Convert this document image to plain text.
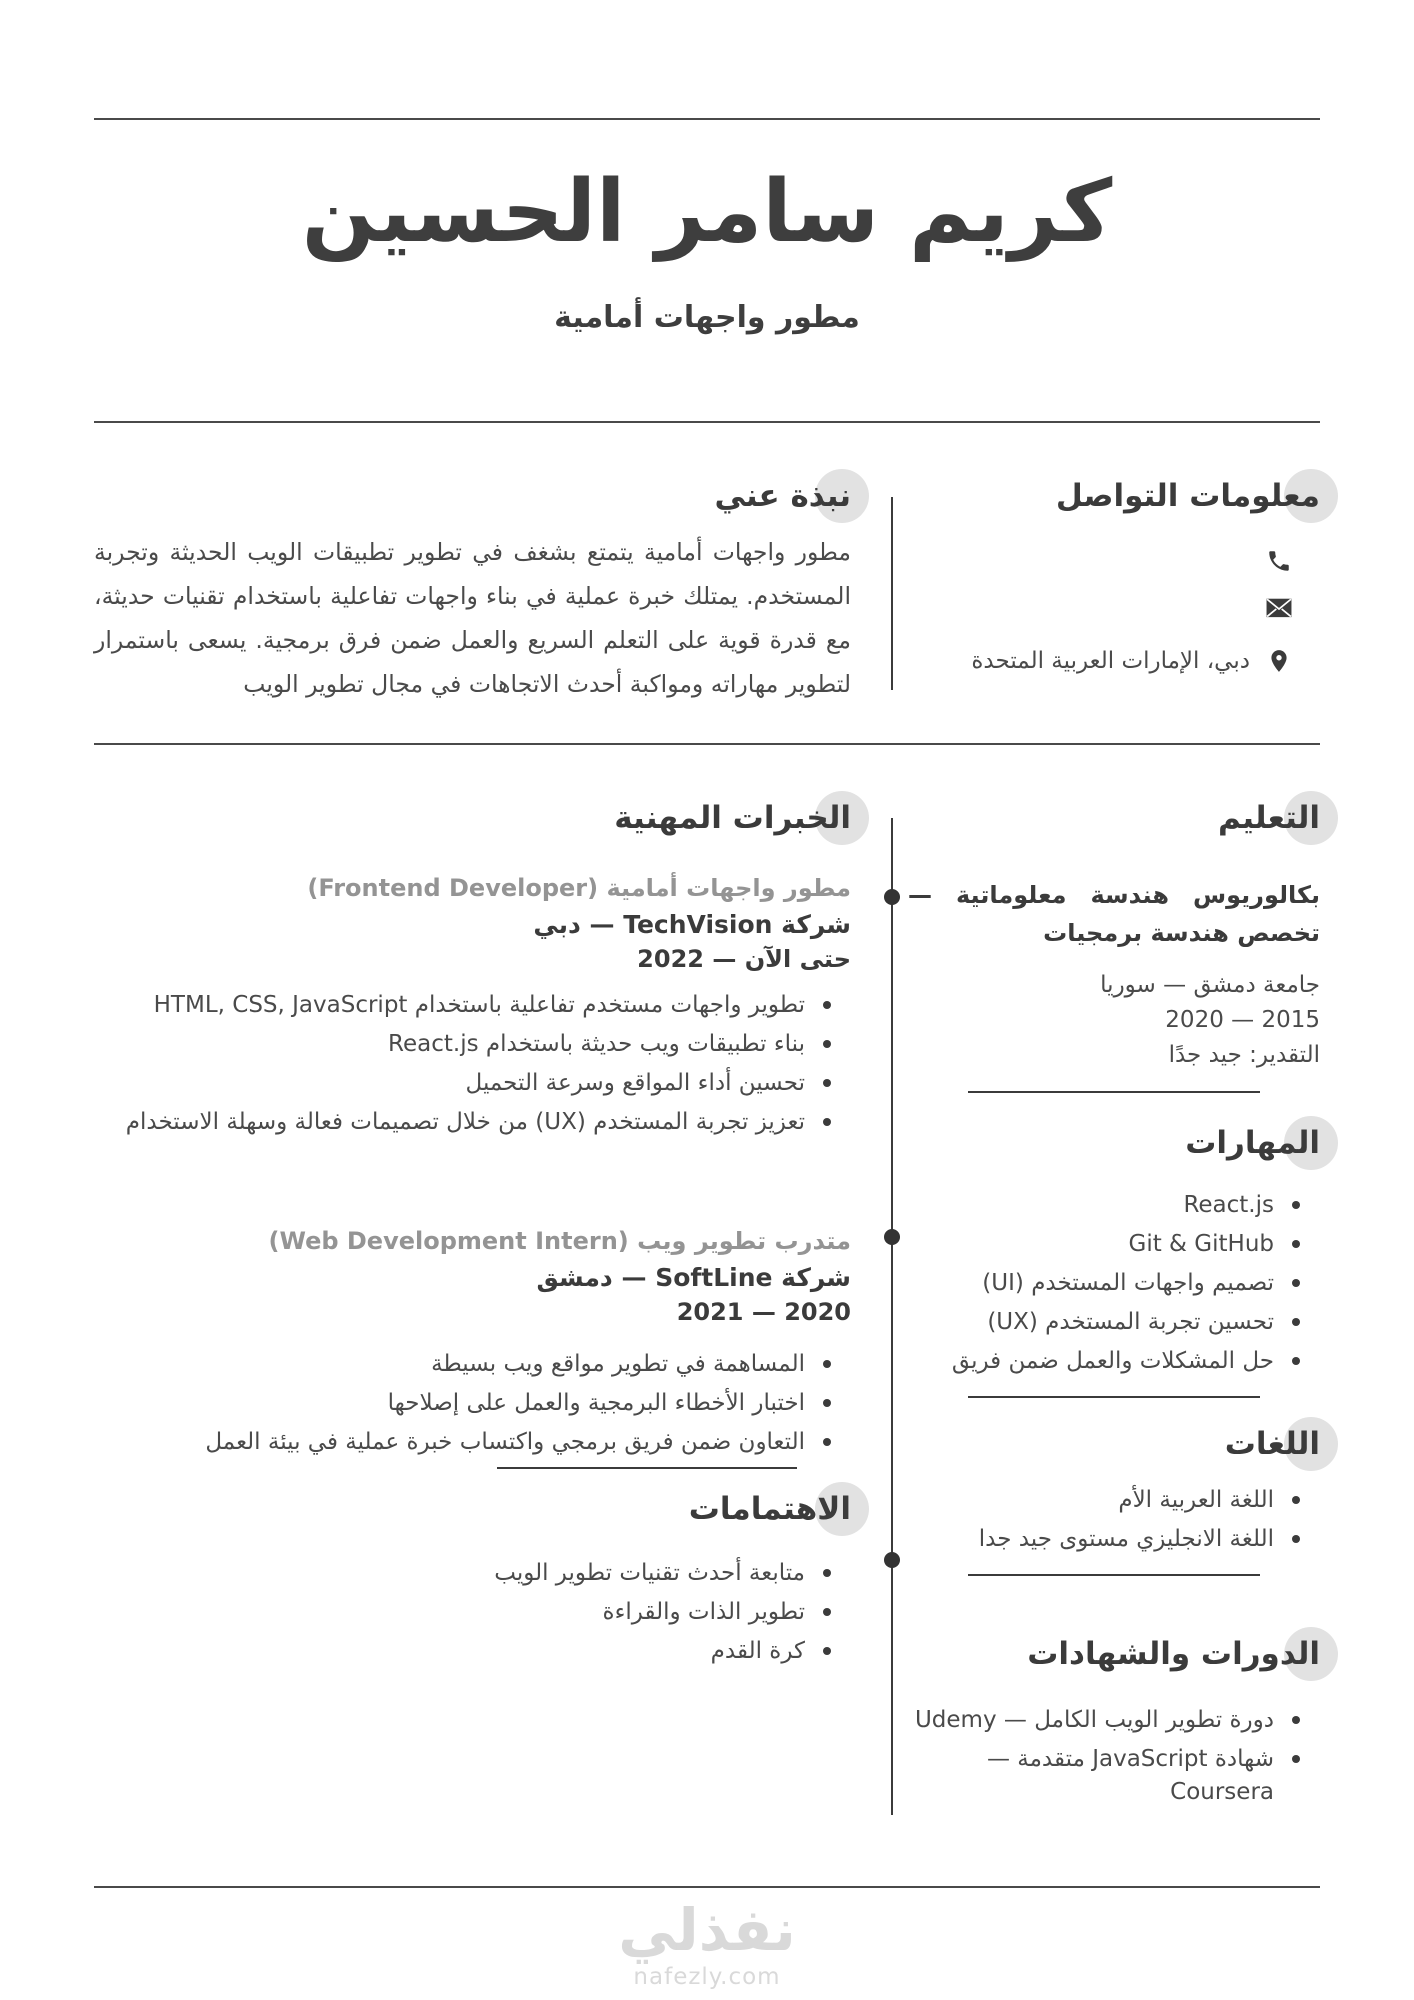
كريم سامر الحسين
مطور واجهات أمامية
معلومات التواصل
دبي، الإمارات العربية المتحدة
نبذة عني
مطور واجهات أمامية يتمتع بشغف في تطوير تطبيقات الويب الحديثة وتجربة المستخدم. يمتلك خبرة عملية في بناء واجهات تفاعلية باستخدام تقنيات حديثة، مع قدرة قوية على التعلم السريع والعمل ضمن فرق برمجية. يسعى باستمرار لتطوير مهاراته ومواكبة أحدث الاتجاهات في مجال تطوير الويب
التعليم
بكالوريوس هندسة معلوماتية — تخصص هندسة برمجيات
جامعة دمشق — سوريا
2020 — 2015
التقدير: جيد جدًا
المهارات
React.js
Git & GitHub
تصميم واجهات المستخدم (UI)
تحسين تجربة المستخدم (UX)
حل المشكلات والعمل ضمن فريق
اللغات
اللغة العربية الأم
اللغة الانجليزي مستوى جيد جدا
الدورات والشهادات
دورة تطوير الويب الكامل — Udemy
شهادة JavaScript متقدمة — Coursera
الخبرات المهنية
مطور واجهات أمامية (Frontend Developer)
شركة TechVision — دبي
2022 — حتى الآن
تطوير واجهات مستخدم تفاعلية باستخدام HTML, CSS, JavaScript
بناء تطبيقات ويب حديثة باستخدام React.js
تحسين أداء المواقع وسرعة التحميل
تعزيز تجربة المستخدم (UX) من خلال تصميمات فعالة وسهلة الاستخدام
متدرب تطوير ويب (Web Development Intern)
شركة SoftLine — دمشق
2021 — 2020
المساهمة في تطوير مواقع ويب بسيطة
اختبار الأخطاء البرمجية والعمل على إصلاحها
التعاون ضمن فريق برمجي واكتساب خبرة عملية في بيئة العمل
الاهتمامات
متابعة أحدث تقنيات تطوير الويب
تطوير الذات والقراءة
كرة القدم
نفذلي
nafezly.com
